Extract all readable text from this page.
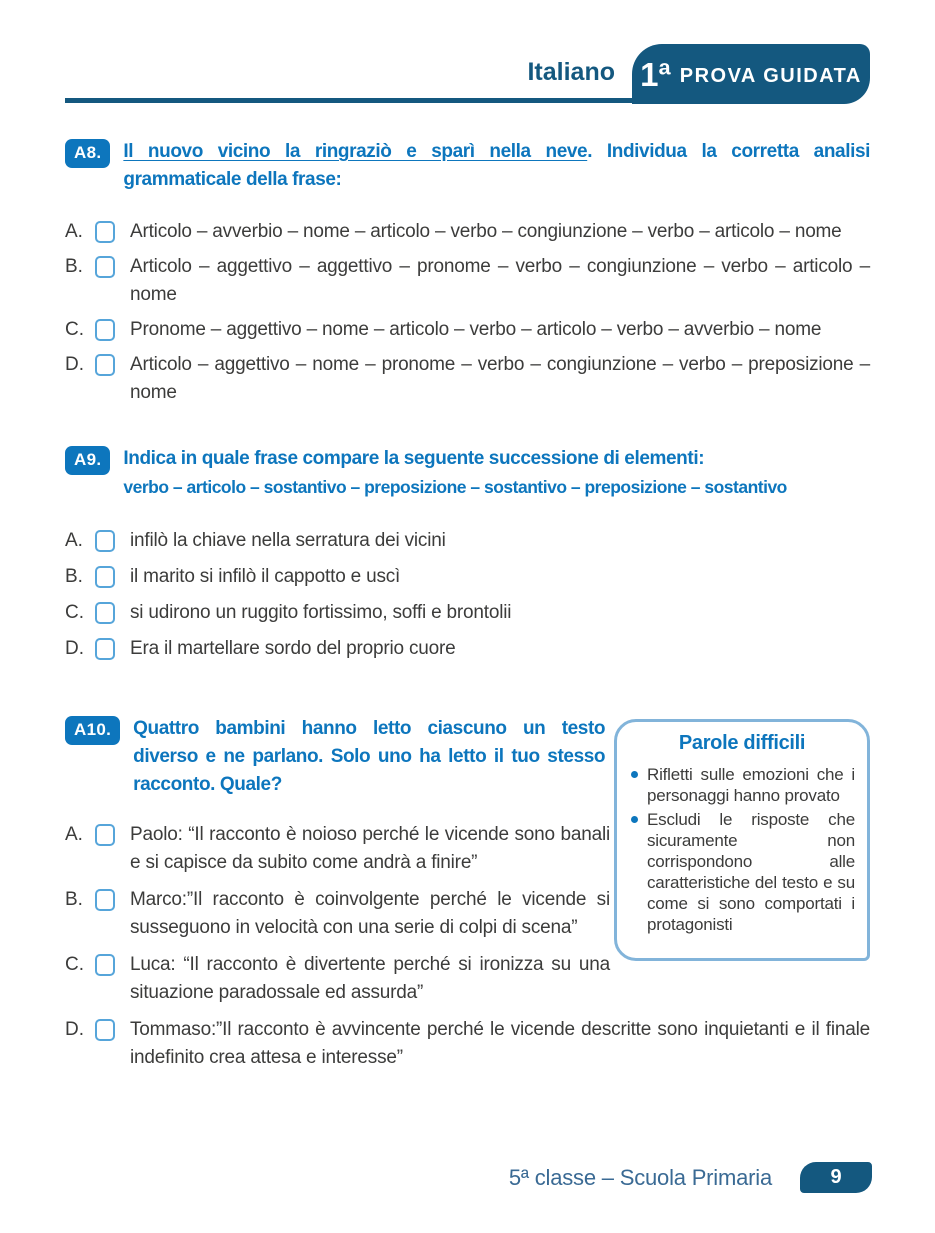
Italiano 1ª PROVA GUIDATA
A8.	Il nuovo vicino la ringraziò e sparì nella neve. Individua la corretta analisi grammaticale della frase:
A.	Articolo – avverbio – nome – articolo – verbo – congiunzione – verbo – articolo – nome
B.	Articolo – aggettivo – aggettivo – pronome – verbo – congiunzione – verbo – articolo – nome
C.	Pronome – aggettivo – nome – articolo – verbo – articolo – verbo – avverbio – nome
D.	Articolo – aggettivo – nome – pronome – verbo – congiunzione – verbo – preposizione – nome
A9.	Indica in quale frase compare la seguente successione di elementi:
verbo – articolo – sostantivo – preposizione – sostantivo – preposizione – sostantivo
A.	infilò la chiave nella serratura dei vicini
B.	il marito si infilò il cappotto e uscì
C.	si udirono un ruggito fortissimo, soffi e brontolii
D.	Era il martellare sordo del proprio cuore
Parole difficili
Rifletti sulle emozioni che i personaggi hanno provato
Escludi le risposte che sicuramente non corrispondono alle caratteristiche del testo e su come si sono comportati i protagonisti
A10.	Quattro bambini hanno letto ciascuno un testo diverso e ne parlano. Solo uno ha letto il tuo stesso racconto. Quale?
A.	Paolo: “Il racconto è noioso perché le vicende sono banali e si capisce da subito come andrà a finire”
B.	Marco:”Il racconto è coinvolgente perché le vicende si susseguono in velocità con una serie di colpi di scena”
C.	Luca: “Il racconto è divertente perché si ironizza su una situazione paradossale ed assurda”
D.	Tommaso:”Il racconto è avvincente perché le vicende descritte sono inquietanti e il finale indefinito crea attesa e interesse”
5ª classe – Scuola Primaria	9
